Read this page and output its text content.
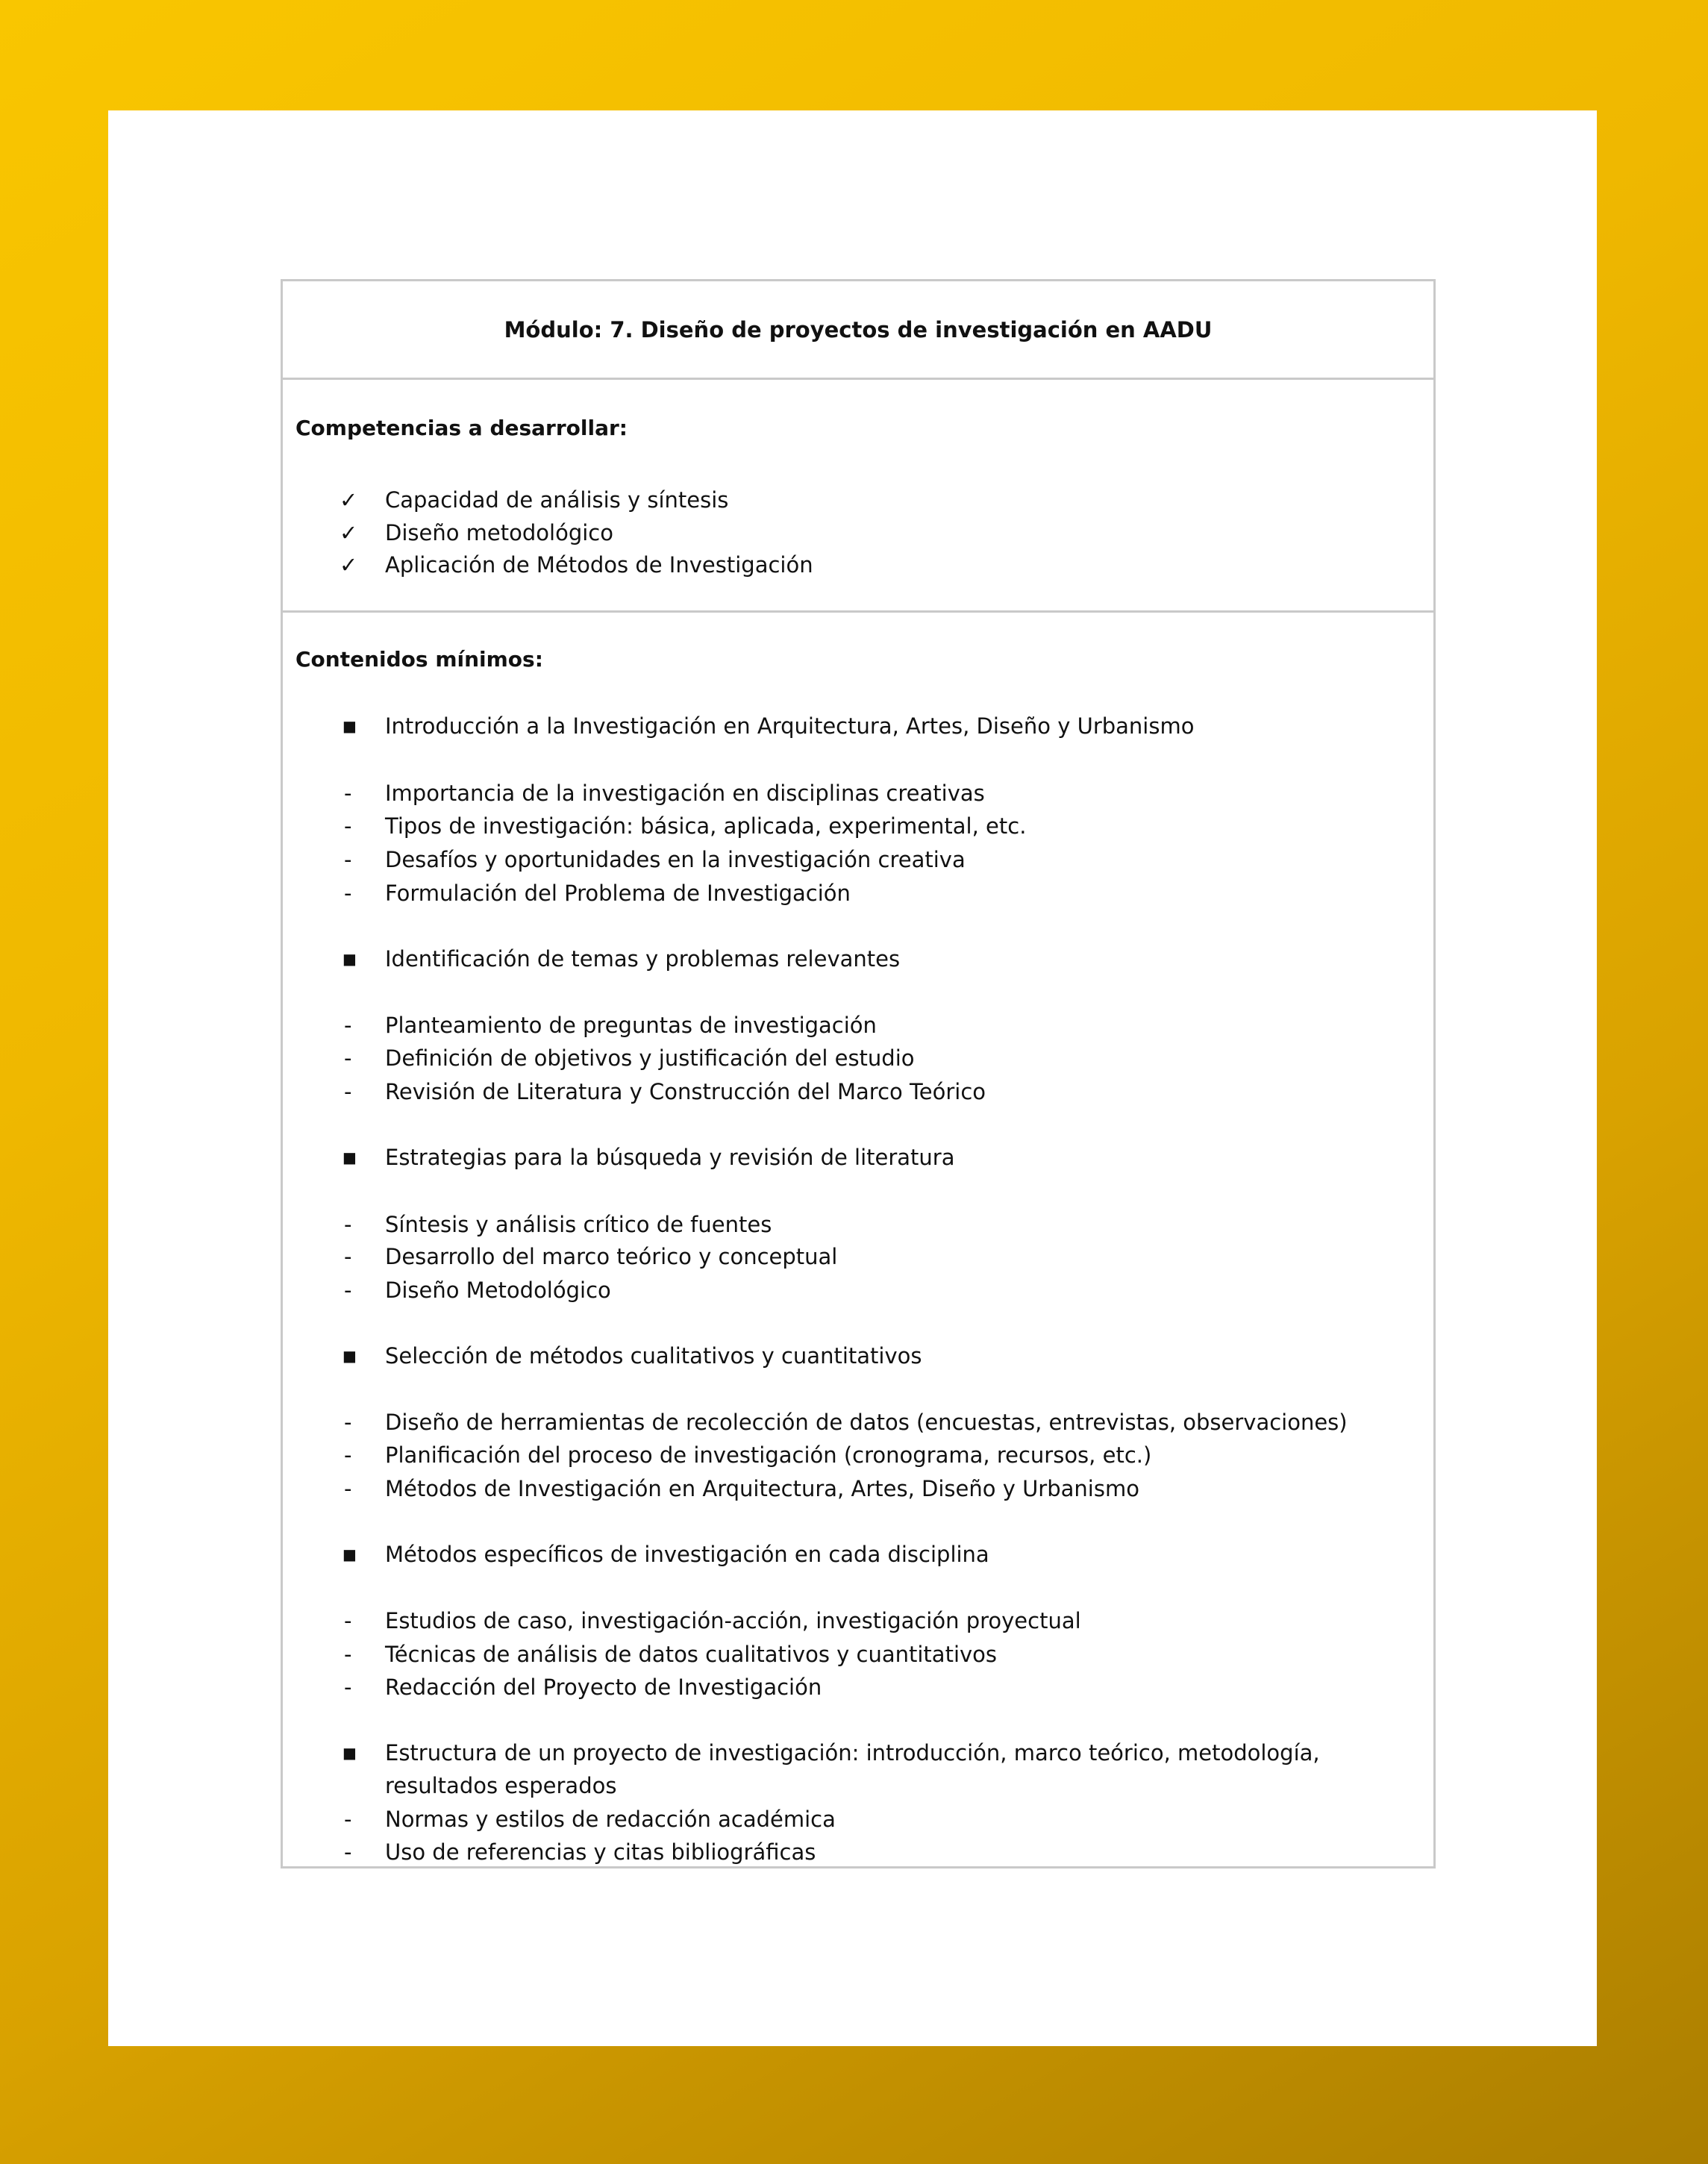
Módulo: 7. Diseño de proyectos de investigación en AADU

Competencias a desarrollar:

✓	Capacidad de análisis y síntesis
✓	Diseño metodológico
✓	Aplicación de Métodos de Investigación

Contenidos mínimos:

■	Introducción a la Investigación en Arquitectura, Artes, Diseño y Urbanismo
-	Importancia de la investigación en disciplinas creativas
-	Tipos de investigación: básica, aplicada, experimental, etc.
-	Desafíos y oportunidades en la investigación creativa
-	Formulación del Problema de Investigación
■	Identificación de temas y problemas relevantes
-	Planteamiento de preguntas de investigación
-	Definición de objetivos y justificación del estudio
-	Revisión de Literatura y Construcción del Marco Teórico
■	Estrategias para la búsqueda y revisión de literatura
-	Síntesis y análisis crítico de fuentes
-	Desarrollo del marco teórico y conceptual
-	Diseño Metodológico
■	Selección de métodos cualitativos y cuantitativos
-	Diseño de herramientas de recolección de datos (encuestas, entrevistas, observaciones)
-	Planificación del proceso de investigación (cronograma, recursos, etc.)
-	Métodos de Investigación en Arquitectura, Artes, Diseño y Urbanismo
■	Métodos específicos de investigación en cada disciplina
-	Estudios de caso, investigación-acción, investigación proyectual
-	Técnicas de análisis de datos cualitativos y cuantitativos
-	Redacción del Proyecto de Investigación
■	Estructura de un proyecto de investigación: introducción, marco teórico, metodología, resultados esperados
-	Normas y estilos de redacción académica
-	Uso de referencias y citas bibliográficas
